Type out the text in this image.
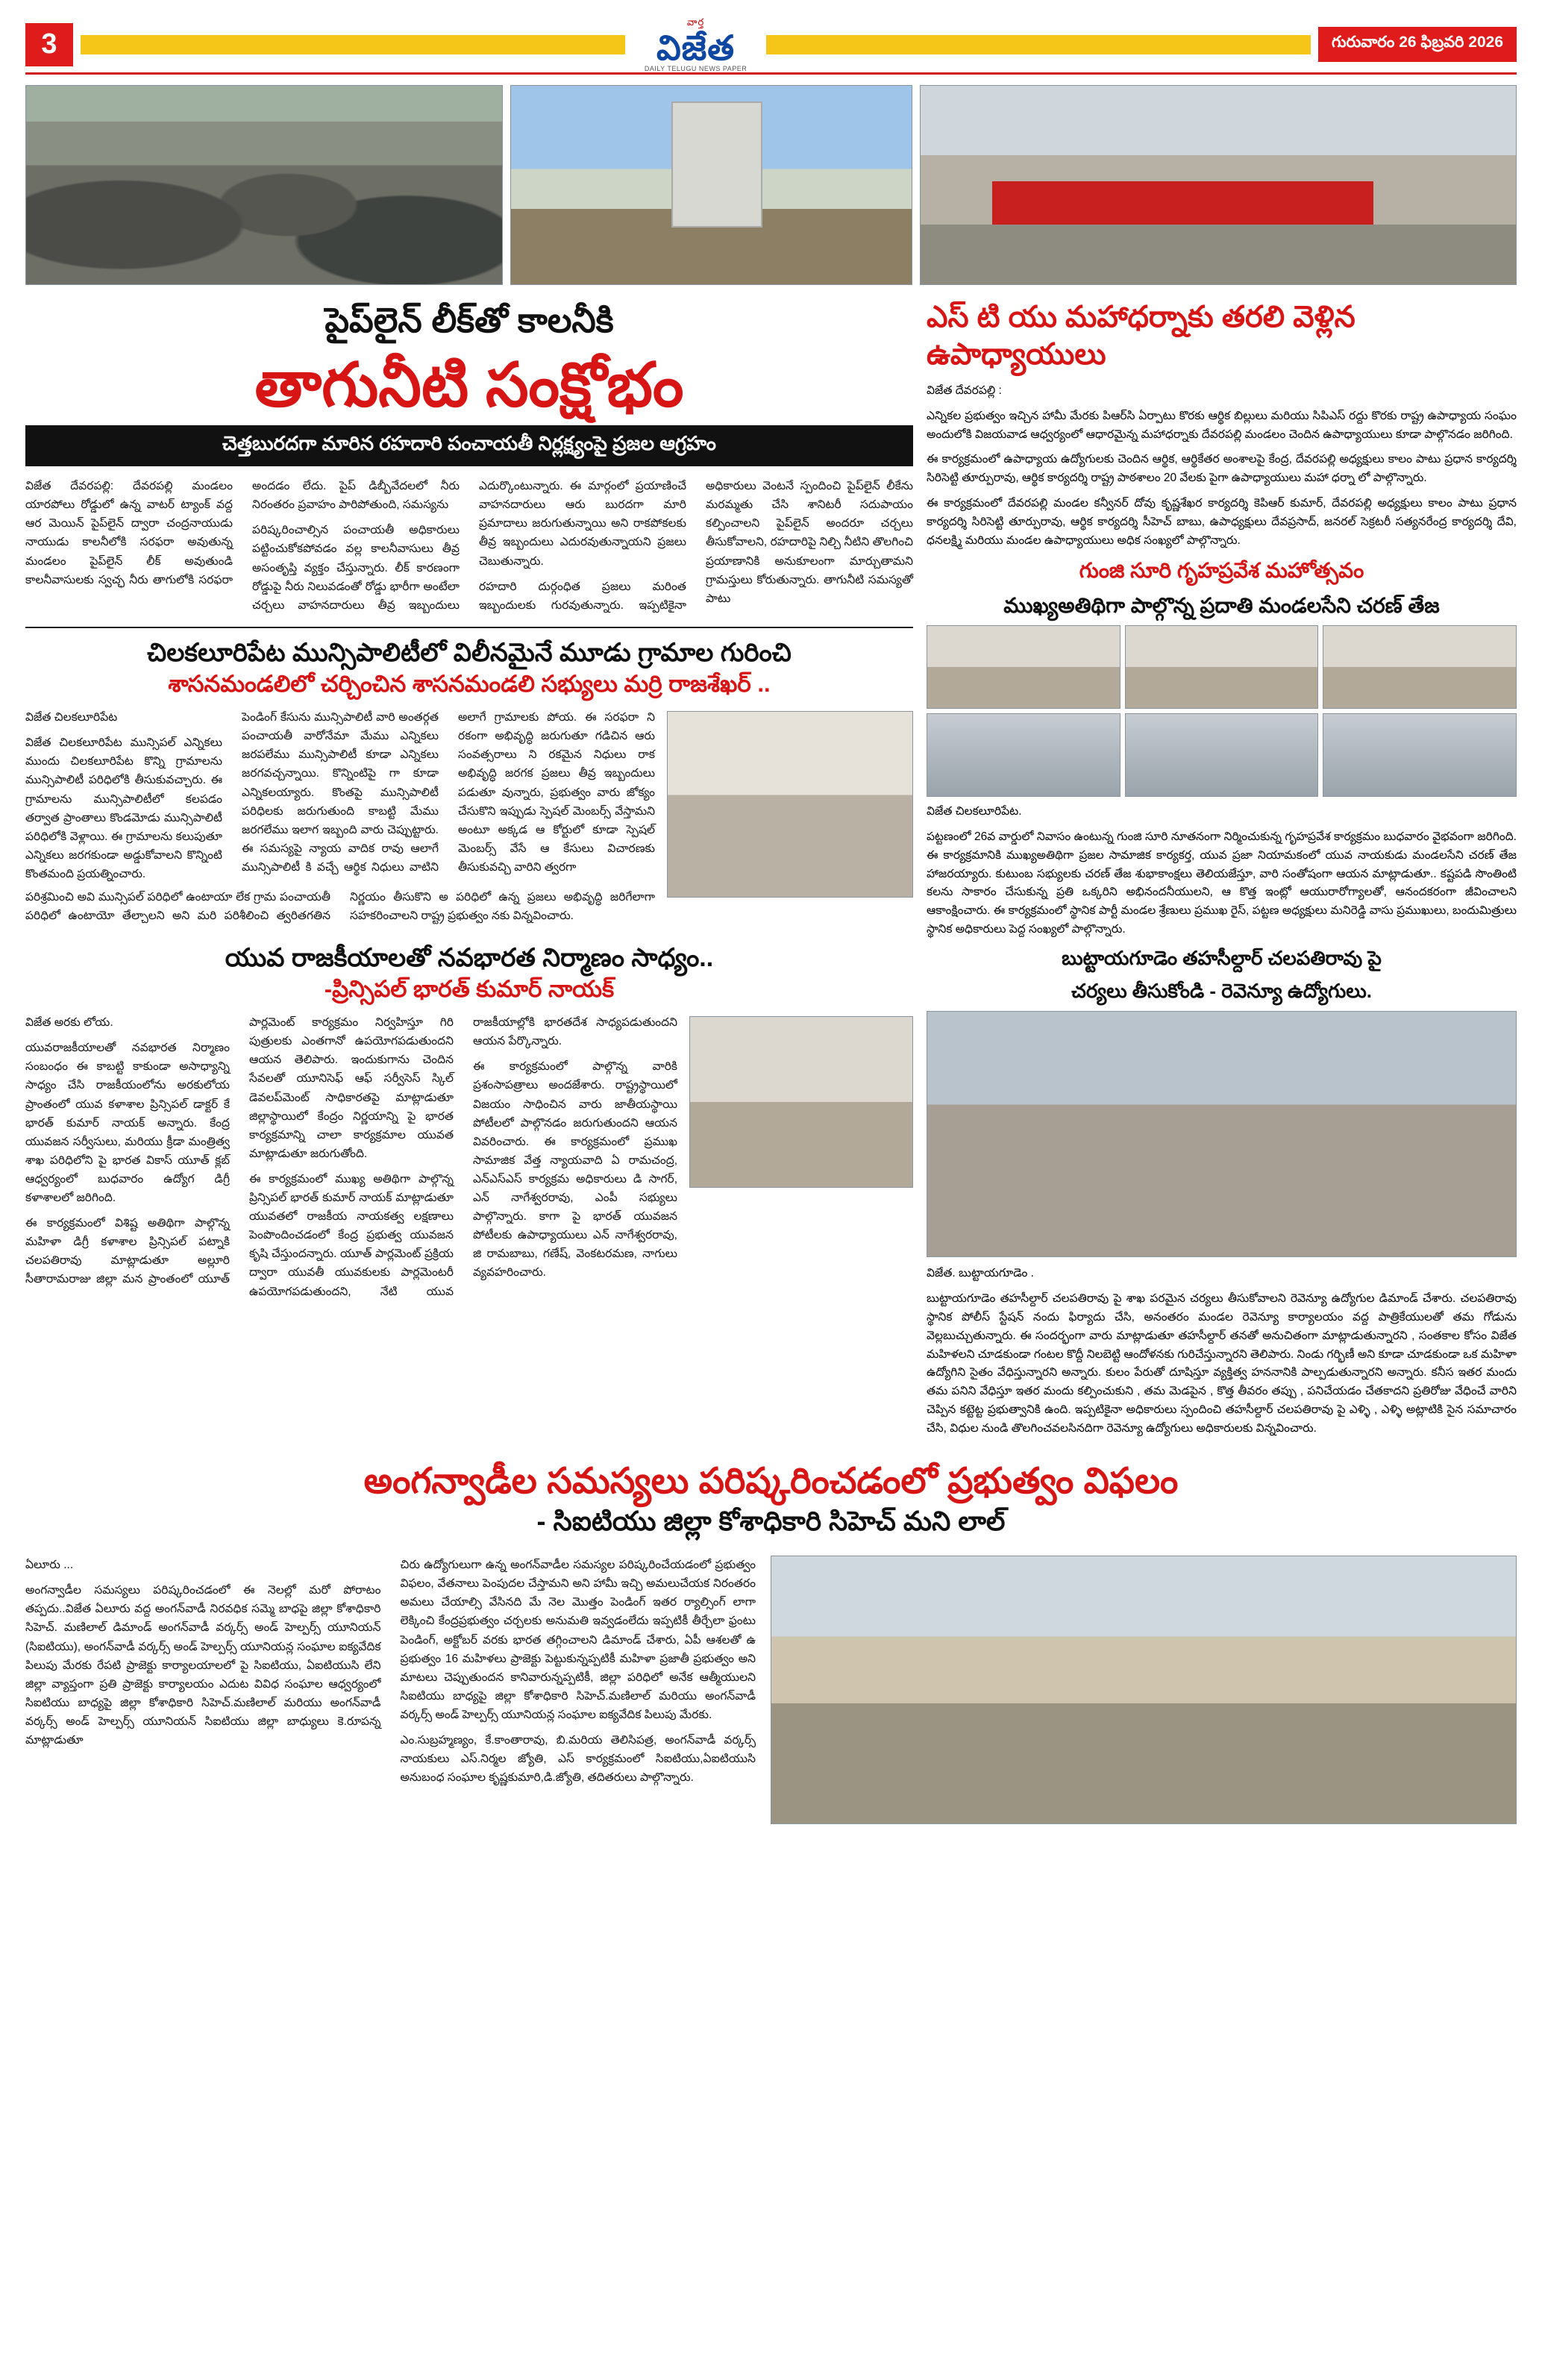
3
వార్త
విజేత
DAILY TELUGU NEWS PAPER
గురువారం 26 ఫిబ్రవరి 2026
దెబ్బతిన్న రహదారి
నీటి ట్యాంక్
ఎస్ టి యు మహాధర్నా
పైప్‌లైన్ లీక్‌తో కాలనీకి
తాగునీటి సంక్షోభం
చెత్తబురదగా మారిన రహదారి పంచాయతీ నిర్లక్ష్యంపై ప్రజల ఆగ్రహం

విజేత దేవరపల్లి: దేవరపల్లి మండలం యారపోలు రోడ్డులో ఉన్న వాటర్ ట్యాంక్ వద్ద ఆర మెయిన్ పైప్‌లైన్ ద్వారా చంద్రనాయుడు నాయుడు కాలనీలోకి సరఫరా అవుతున్న మండలం పైప్‌లైన్ లీక్ అవుతుండి కాలనీవాసులకు స్వచ్ఛ నీరు తాగులోకి సరఫరా అందడం లేదు. పైప్ డిబ్బీవేదలలో నీరు నిరంతరం ప్రవాహం పారిపోతుంది, సమస్యను

పరిష్కరించాల్సిన పంచాయతీ అధికారులు పట్టించుకోకపోవడం వల్ల కాలనీవాసులు తీవ్ర అసంతృప్తి వ్యక్తం చేస్తున్నారు. లీక్ కారణంగా రోడ్డుపై నీరు నిలువడంతో రోడ్డు భారీగా అంటేలా చర్చలు వాహనదారులు తీవ్ర ఇబ్బందులు ఎదుర్కొంటున్నారు. ఈ మార్గంలో ప్రయాణించే వాహనదారులు ఆరు బురదగా మారి ప్రమాదాలు జరుగుతున్నాయి అని రాకపోకలకు తీవ్ర ఇబ్బందులు ఎదురవుతున్నాయని ప్రజలు చెబుతున్నారు.

రహదారి దుర్గంధిత ప్రజలు మరింత ఇబ్బందులకు గురవుతున్నారు. ఇప్పటికైనా అధికారులు వెంటనే స్పందించి పైప్‌లైన్ లీకేను మరమ్మతు చేసి శానిటరీ సదుపాయం కల్పించాలని పైప్‌లైన్ అందరూ చర్చలు తీసుకోవాలని, రహదారిపై నిల్చి నీటిని తొలగించి ప్రయాణానికి అనుకూలంగా మార్చుతామని గ్రామస్తులు కోరుతున్నారు. తాగునీటి సమస్యతో పాటు

చిలకలూరిపేట మున్సిపాలిటీలో విలీనమైనే మూడు గ్రామాల గురించి
శాసనమండలిలో చర్చించిన శాసనమండలి సభ్యులు మర్రి రాజశేఖర్ ..
శాసనమండలి సభ్యుడు మర్రి రాజశేఖర్

విజేత చిలకలూరిపేట

విజేత చిలకలూరిపేట మున్సిపల్ ఎన్నికలు ముందు చిలకలూరిపేట కొన్ని గ్రామాలను మున్సిపాలిటీ పరిధిలోకి తీసుకువచ్చారు. ఈ గ్రామాలను మున్సిపాలిటీలో కలపడం తర్వాత ప్రాంతాలు కొండమోడు మున్సిపాలిటీ పరిధిలోకి వెళ్లాయి. ఈ గ్రామాలను కలుపుతూ ఎన్నికలు జరగకుండా అడ్డుకోవాలని కొన్నింటి కొంతమంది ప్రయత్నించారు.

పెండింగ్ కేసును మున్సిపాలిటీ వారి అంతర్గత పంచాయతీ వారోనేమా మేము ఎన్నికలు జరపలేము మున్సిపాలిటీ కూడా ఎన్నికలు జరగవచ్చన్నాయి. కొన్నింటిపై గా కూడా ఎన్నికలయ్యారు. కొంతపై మున్సిపాలిటీ పరిధిలకు జరుగుతుంది కాబట్టి మేము జరగలేము ఇలాగ ఇబ్బంది వారు చెప్పుట్టారు. ఈ సమస్యపై న్యాయ వాదిక రావు ఆలాగే మున్సిపాలిటీ కి వచ్చే ఆర్థిక నిధులు వాటిని అలాగే గ్రామాలకు పోయ. ఈ సరఫరా ని రకంగా అభివృద్ధి జరుగుతూ గడిచిన ఆరు సంవత్సరాలు ని రకమైన నిధులు రాక అభివృద్ధి జరగక ప్రజలు తీవ్ర ఇబ్బందులు పడుతూ వున్నారు, ప్రభుత్వం వారు జోక్యం చేసుకొని ఇప్పుడు స్పెషల్ మెంబర్స్ వేస్తామని అంటూ అక్కడ ఆ కోర్టులో కూడా స్పెషల్ మెంబర్స్ వేసే ఆ కేసులు విచారణకు తీసుకువచ్చి వారిని త్వరగా

పరిశ్రమించి అవి మున్సిపల్ పరిధిలో ఉంటాయా లేక గ్రామ పంచాయతీ పరిధిలో ఉంటాయో తేల్చాలని అని మరి పరిశీలించి త్వరితగతిన నిర్ణయం తీసుకొని అ పరిధిలో ఉన్న ప్రజలు అభివృద్ధి జరిగేలాగా సహకరించాలని రాష్ట్ర ప్రభుత్వం నకు విన్నవించారు.

యువ రాజకీయాలతో నవభారత నిర్మాణం సాధ్యం..
-ప్రిన్సిపల్ భారత్ కుమార్ నాయక్
కళాశాలలో యూత్ పార్లమెంట్ కార్యక్రమం

విజేత అరకు లోయ.

యువరాజకీయాలతో నవభారత నిర్మాణం సంబంధం ఈ కాబట్టి కాకుండా అసాధ్యాన్ని సాధ్యం చేసి రాజకీయంలోను అరకులోయ ప్రాంతంలో యువ కళాశాల ప్రిన్సిపల్ డాక్టర్ కే భారత్ కుమార్ నాయక్ అన్నారు. కేంద్ర యువజన సర్వీసులు, మరియు క్రీడా మంత్రిత్వ శాఖ పరిధిలోని పై భారత వికాస్ యూత్ క్లబ్ ఆధ్వర్యంలో బుధవారం ఉద్యోగ డిగ్రీ కళాశాలలో జరిగింది.

ఈ కార్యక్రమంలో విశిష్ట అతిథిగా పాల్గొన్న మహిళా డిగ్రీ కళాశాల ప్రిన్సిపల్ పట్నాకి చలపతిరావు మాట్లాడుతూ అల్లూరి సీతారామరాజు జిల్లా మన ప్రాంతంలో యూత్ పార్లమెంట్ కార్యక్రమం నిర్వహిస్తూ గిరి పుత్రులకు ఎంతగానో ఉపయోగపడుతుందని ఆయన తెలిపారు. ఇందుకుగాను చెందిన సేవలతో యూనిసెఫ్ ఆఫ్ సర్వీసెస్ స్కిల్ డెవలప్‌మెంట్ సాధికారతపై మాట్లాడుతూ జిల్లాస్థాయిలో కేంద్రం నిర్ణయాన్ని పై భారత కార్యక్రమాన్ని చాలా కార్యక్రమాల యువత మాట్లాడుతూ జరుగుతోంది.

ఈ కార్యక్రమంలో ముఖ్య అతిథిగా పాల్గొన్న ప్రిన్సిపల్ భారత్ కుమార్ నాయక్ మాట్లాడుతూ యువతలో రాజకీయ నాయకత్వ లక్షణాలు పెంపొందించడంలో కేంద్ర ప్రభుత్వ యువజన కృషి చేస్తుందన్నారు. యూత్ పార్లమెంట్ ప్రక్రియ ద్వారా యువతీ యువకులకు పార్లమెంటరీ ఉపయోగపడుతుందని, నేటి యువ రాజకీయాల్లోకి భారతదేశ సాధ్యపడుతుందని ఆయన పేర్కొన్నారు.

ఈ కార్యక్రమంలో పాల్గొన్న వారికి ప్రశంసాపత్రాలు అందజేశారు. రాష్ట్రస్థాయిలో విజయం సాధించిన వారు జాతీయస్థాయి పోటీలలో పాల్గొనడం జరుగుతుందని ఆయన వివరించారు. ఈ కార్యక్రమంలో ప్రముఖ సామాజిక వేత్త న్యాయవాది ఏ రామచంద్ర, ఎన్‌ఎస్‌ఎస్ కార్యక్రమ అధికారులు డి సాగర్, ఎన్ నాగేశ్వరరావు, ఎంపీ సభ్యులు పాల్గొన్నారు. కాగా పై భారత్ యువజన పోటీలకు ఉపాధ్యాయులు ఎన్ నాగేశ్వరరావు, జి రామబాబు, గణేష్, వెంకటరమణ, నాగులు వ్యవహరించారు.

ఎస్ టి యు మహాధర్నాకు తరలి వెళ్లిన ఉపాధ్యాయులు

విజేత దేవరపల్లి :

ఎన్నికల ప్రభుత్వం ఇచ్చిన హామీ మేరకు పిఆర్‌సి ఏర్పాటు కొరకు ఆర్థిక బిల్లులు మరియు సిపిఎస్ రద్దు కొరకు రాష్ట్ర ఉపాధ్యాయ సంఘం అందులోకి విజయవాడ ఆధ్వర్యంలో ఆధారమైన్న మహాధర్నాకు దేవరపల్లి మండలం చెందిన ఉపాధ్యాయులు కూడా పాల్గొనడం జరిగింది.

ఈ కార్యక్రమంలో ఉపాధ్యాయ ఉద్యోగులకు చెందిన ఆర్థిక, ఆర్థికేతర అంశాలపై కేంద్ర, దేవరపల్లి అధ్యక్షులు కాలం పాటు ప్రధాన కార్యదర్శి సిరిసెట్టి తూర్పురావు, ఆర్థిక కార్యదర్శి రాష్ట్ర పాఠశాలం 20 వేలకు పైగా ఉపాధ్యాయులు మహా ధర్నా లో పాల్గొన్నారు.

ఈ కార్యక్రమంలో దేవరపల్లి మండల కన్వీనర్ దోవు కృష్ణశేఖర కార్యదర్శి కెపిఆర్ కుమార్, దేవరపల్లి అధ్యక్షులు కాలం పాటు ప్రధాన కార్యదర్శి సిరిసెట్టి తూర్పురావు, ఆర్థిక కార్యదర్శి సీహెచ్ బాబు, ఉపాధ్యక్షులు దేవప్రసాద్, జనరల్ సెక్రటరీ సత్యనరేంద్ర కార్యదర్శి దేవి, ధనలక్ష్మి మరియు మండల ఉపాధ్యాయులు అధిక సంఖ్యలో పాల్గొన్నారు.

గుంజి సూరి గృహప్రవేశ మహోత్సవం
ముఖ్యఅతిథిగా పాల్గొన్న ప్రదాతి మండలసేని చరణ్ తేజ
గృహప్రవేశ దృశ్యం 1
గృహప్రవేశ దృశ్యం 2
గృహప్రవేశ దృశ్యం 3
గృహప్రవేశ దృశ్యం 4
గృహప్రవేశ దృశ్యం 5
గృహప్రవేశ దృశ్యం 6

విజేత చిలకలూరిపేట.

పట్టణంలో 26వ వార్డులో నివాసం ఉంటున్న గుంజి సూరి నూతనంగా నిర్మించుకున్న గృహప్రవేశ కార్యక్రమం బుధవారం వైభవంగా జరిగింది. ఈ కార్యక్రమానికి ముఖ్యఅతిథిగా ప్రజల సామాజిక కార్యకర్త, యువ ప్రజా నియామకంలో యువ నాయకుడు మండలసేని చరణ్ తేజ హాజరయ్యారు. కుటుంబ సభ్యులకు చరణ్ తేజ శుభాకాంక్షలు తెలియజేస్తూ, వారి సంతోషంగా ఆయన మాట్లాడుతూ.. కష్టపడి సొంతింటి కలను సాకారం చేసుకున్న ప్రతి ఒక్కరిని అభినందనీయులని, ఆ కొత్త ఇంట్లో ఆయురారోగ్యాలతో, ఆనందకరంగా జీవించాలని ఆకాంక్షించారు. ఈ కార్యక్రమంలో స్థానిక పార్టీ మండల శ్రేణులు ప్రముఖ రైస్, పట్టణ అధ్యక్షులు మనిరెడ్డి వాసు ప్రముఖులు, బందుమిత్రులు స్థానిక అధికారులు పెద్ద సంఖ్యలో పాల్గొన్నారు.

బుట్టాయగూడెం తహసీల్దార్ చలపతిరావు పై
చర్యలు తీసుకోండి - రెవెన్యూ ఉద్యోగులు.
రెవెన్యూ ఉద్యోగుల నిరసన

విజేత. బుట్టాయగూడెం .

బుట్టాయగూడెం తహసీల్దార్ చలపతిరావు పై శాఖ పరమైన చర్యలు తీసుకోవాలని రెవెన్యూ ఉద్యోగుల డిమాండ్ చేశారు. చలపతిరావు స్థానిక పోలీస్ స్టేషన్ నందు ఫిర్యాదు చేసి, అనంతరం మండల రెవెన్యూ కార్యాలయం వద్ద పాత్రికేయులతో తమ గోడును వెల్లబుచ్చుతున్నారు. ఈ సందర్భంగా వారు మాట్లాడుతూ తహసీల్దార్ తనతో అనుచితంగా మాట్లాడుతున్నారని , సంతకాల కోసం విజేత మహిళలని చూడకుండా గంటల కొద్దీ నిలబెట్టి ఆందోళనకు గురిచేస్తున్నారని తెలిపారు. నిండు గర్భిణీ అని కూడా చూడకుండా ఒక మహిళా ఉద్యోగిని సైతం వేధిస్తున్నారని అన్నారు. కులం పేరుతో దూషిస్తూ వ్యక్తిత్వ హననానికి పాల్పడుతున్నారని అన్నారు. కనీస ఇతర మందు తమ పనిని వేధిస్తూ ఇతర మందు కల్పించుకుని , తమ మెడపైన , కొత్త తీవరం తప్పు , పనిచేయడం చేతకాదని ప్రతిరోజు వేధించే వారిని చెప్పిన కట్టెట్ట ప్రభుత్వానికి ఉంది. ఇప్పటికైనా అధికారులు స్పందించి తహసీల్దార్ చలపతిరావు పై ఎళ్ళి , ఎళ్ళి అట్లాటికి సైన సమాచారం చేసి, విధుల నుండి తొలగించవలసినదిగా రెవెన్యూ ఉద్యోగులు అధికారులకు విన్నవించారు.

అంగన్వాడీల సమస్యలు పరిష్కరించడంలో ప్రభుత్వం విఫలం
- సిఐటియు జిల్లా కోశాధికారి సిహెచ్ మని లాల్

ఏలూరు ...

అంగన్వాడీల సమస్యలు పరిష్కరించడంలో ఈ నెలల్లో మరో పోరాటం తప్పదు..విజేత ఏలూరు వద్ద అంగన్‌వాడీ నిరవధిక సమ్మె బాధపై జిల్లా కోశాధికారి సిహెచ్. మణిలాల్ డిమాండ్ అంగన్‌వాడీ వర్కర్స్ అండ్ హెల్పర్స్ యూనియన్ (సిఐటియు), అంగన్‌వాడీ వర్కర్స్ అండ్ హెల్పర్స్ యూనియన్ల సంఘాల ఐక్యవేదిక పిలుపు మేరకు రేపటి ప్రాజెక్టు కార్యాలయాలలో పై సిఐటియు, ఏఐటియుసి లేని జిల్లా వ్యాప్తంగా ప్రతి ప్రాజెక్టు కార్యాలయం ఎదుట వివిధ సంఘాల ఆధ్వర్యంలో సిఐటియు బాధ్యపై జిల్లా కోశాధికారి సిహెచ్.మణిలాల్ మరియు అంగన్‌వాడీ వర్కర్స్ అండ్ హెల్పర్స్ యూనియన్ సిఐటియు జిల్లా బాధ్యులు కె.రూపన్న మాట్లాడుతూ

చిరు ఉద్యోగులుగా ఉన్న అంగన్‌వాడీల సమస్యల పరిష్కరించేయడంలో ప్రభుత్వం విఫలం, వేతనాలు పెంపుదల చేస్తామని అని హామీ ఇచ్చి అమలుచేయక నిరంతరం అమలు చేయాల్సి వేసినది మే నెల మొత్తం పెండింగ్ ఇతర ర్యాల్సింగ్ లాగా లెక్కించి కేంద్రప్రభుత్వం చర్చలకు అనుమతి ఇవ్వడంలేదు ఇప్పటికీ తీర్చేలా ఫ్రంటు పెండింగ్, అక్టోబర్ వరకు భారత తగ్గించాలని డిమాండ్ చేశారు, ఏపీ ఆశలతో ఉ ప్రభుత్వం 16 మహిళలు ప్రాజెక్టు పెట్టుకున్నప్పటికీ మహిళా ప్రజాతీ ప్రభుత్వం అని మాటలు చెప్పుతుందన కానివారున్నప్పటికీ, జిల్లా పరిధిలో అనేక ఆత్మీయులని సిఐటియు బాధ్యపై జిల్లా కోశాధికారి సిహెచ్.మణిలాల్ మరియు అంగన్‌వాడీ వర్కర్స్ అండ్ హెల్పర్స్ యూనియన్ల సంఘాల ఐక్యవేదిక పిలుపు మేరకు.

ఎం.సుబ్రహ్మణ్యం, కే.కాంతారావు, బి.మరియ తెలిసిపత్ర, అంగన్‌వాడీ వర్కర్స్ నాయకులు ఎస్.నిర్మల జ్యోతి, ఎస్ కార్యక్రమంలో సిఐటియు,ఏఐటియుసి అనుబంధ సంఘాల కృష్ణకుమారి,డి.జ్యోతి, తదితరులు పాల్గొన్నారు.

అంగన్‌వాడీల నిరవధిక సమ్మె
